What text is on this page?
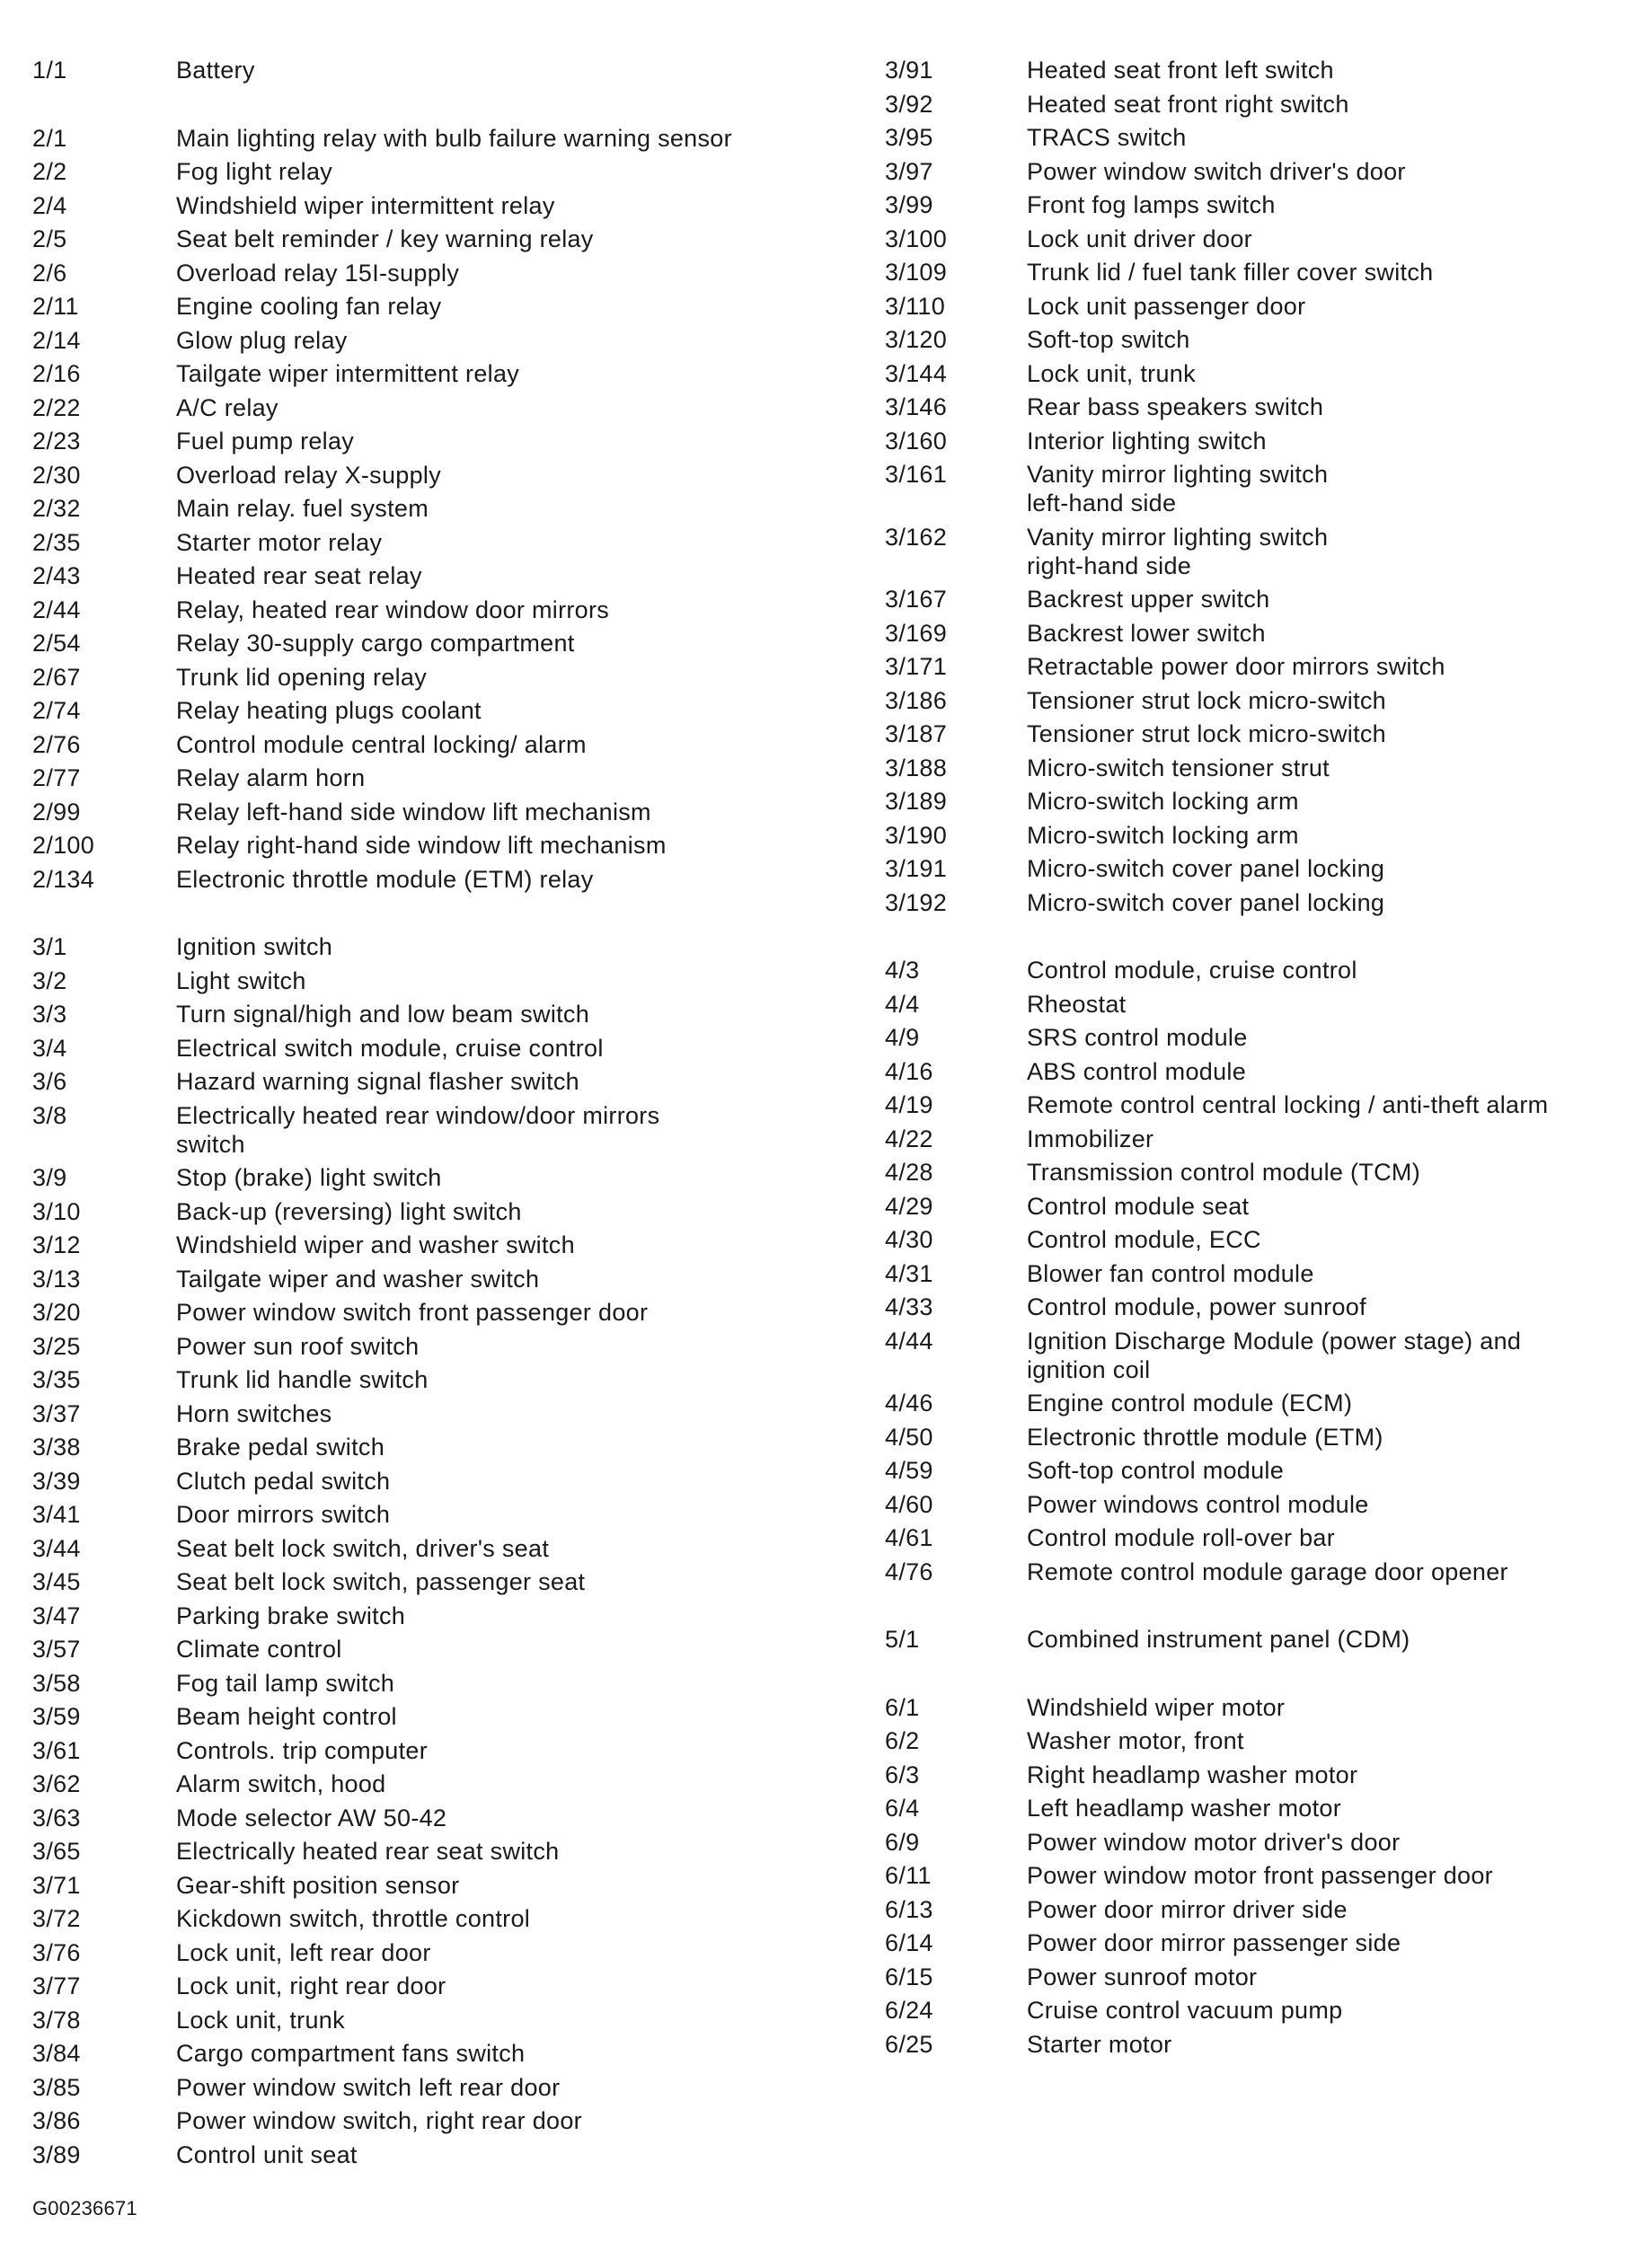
1/1	Battery
2/1	Main lighting relay with bulb failure warning sensor
2/2	Fog light relay
2/4	Windshield wiper intermittent relay
2/5	Seat belt reminder / key warning relay
2/6	Overload relay 15I-supply
2/11	Engine cooling fan relay
2/14	Glow plug relay
2/16	Tailgate wiper intermittent relay
2/22	A/C relay
2/23	Fuel pump relay
2/30	Overload relay X-supply
2/32	Main relay. fuel system
2/35	Starter motor relay
2/43	Heated rear seat relay
2/44	Relay, heated rear window door mirrors
2/54	Relay 30-supply cargo compartment
2/67	Trunk lid opening relay
2/74	Relay heating plugs coolant
2/76	Control module central locking/ alarm
2/77	Relay alarm horn
2/99	Relay left-hand side window lift mechanism
2/100	Relay right-hand side window lift mechanism
2/134	Electronic throttle module (ETM) relay
3/1	Ignition switch
3/2	Light switch
3/3	Turn signal/high and low beam switch
3/4	Electrical switch module, cruise control
3/6	Hazard warning signal flasher switch
3/8	Electrically heated rear window/door mirrors
switch
3/9	Stop (brake) light switch
3/10	Back-up (reversing) light switch
3/12	Windshield wiper and washer switch
3/13	Tailgate wiper and washer switch
3/20	Power window switch front passenger door
3/25	Power sun roof switch
3/35	Trunk lid handle switch
3/37	Horn switches
3/38	Brake pedal switch
3/39	Clutch pedal switch
3/41	Door mirrors switch
3/44	Seat belt lock switch, driver's seat
3/45	Seat belt lock switch, passenger seat
3/47	Parking brake switch
3/57	Climate control
3/58	Fog tail lamp switch
3/59	Beam height control
3/61	Controls. trip computer
3/62	Alarm switch, hood
3/63	Mode selector AW 50-42
3/65	Electrically heated rear seat switch
3/71	Gear-shift position sensor
3/72	Kickdown switch, throttle control
3/76	Lock unit, left rear door
3/77	Lock unit, right rear door
3/78	Lock unit, trunk
3/84	Cargo compartment fans switch
3/85	Power window switch left rear door
3/86	Power window switch, right rear door
3/89	Control unit seat
3/91	Heated seat front left switch
3/92	Heated seat front right switch
3/95	TRACS switch
3/97	Power window switch driver's door
3/99	Front fog lamps switch
3/100	Lock unit driver door
3/109	Trunk lid / fuel tank filler cover switch
3/110	Lock unit passenger door
3/120	Soft-top switch
3/144	Lock unit, trunk
3/146	Rear bass speakers switch
3/160	Interior lighting switch
3/161	Vanity mirror lighting switch
left-hand side
3/162	Vanity mirror lighting switch
right-hand side
3/167	Backrest upper switch
3/169	Backrest lower switch
3/171	Retractable power door mirrors switch
3/186	Tensioner strut lock micro-switch
3/187	Tensioner strut lock micro-switch
3/188	Micro-switch tensioner strut
3/189	Micro-switch locking arm
3/190	Micro-switch locking arm
3/191	Micro-switch cover panel locking
3/192	Micro-switch cover panel locking
4/3	Control module, cruise control
4/4	Rheostat
4/9	SRS control module
4/16	ABS control module
4/19	Remote control central locking / anti-theft alarm
4/22	Immobilizer
4/28	Transmission control module (TCM)
4/29	Control module seat
4/30	Control module, ECC
4/31	Blower fan control module
4/33	Control module, power sunroof
4/44	Ignition Discharge Module (power stage) and
ignition coil
4/46	Engine control module (ECM)
4/50	Electronic throttle module (ETM)
4/59	Soft-top control module
4/60	Power windows control module
4/61	Control module roll-over bar
4/76	Remote control module garage door opener
5/1	Combined instrument panel (CDM)
6/1	Windshield wiper motor
6/2	Washer motor, front
6/3	Right headlamp washer motor
6/4	Left headlamp washer motor
6/9	Power window motor driver's door
6/11	Power window motor front passenger door
6/13	Power door mirror driver side
6/14	Power door mirror passenger side
6/15	Power sunroof motor
6/24	Cruise control vacuum pump
6/25	Starter motor
G00236671
